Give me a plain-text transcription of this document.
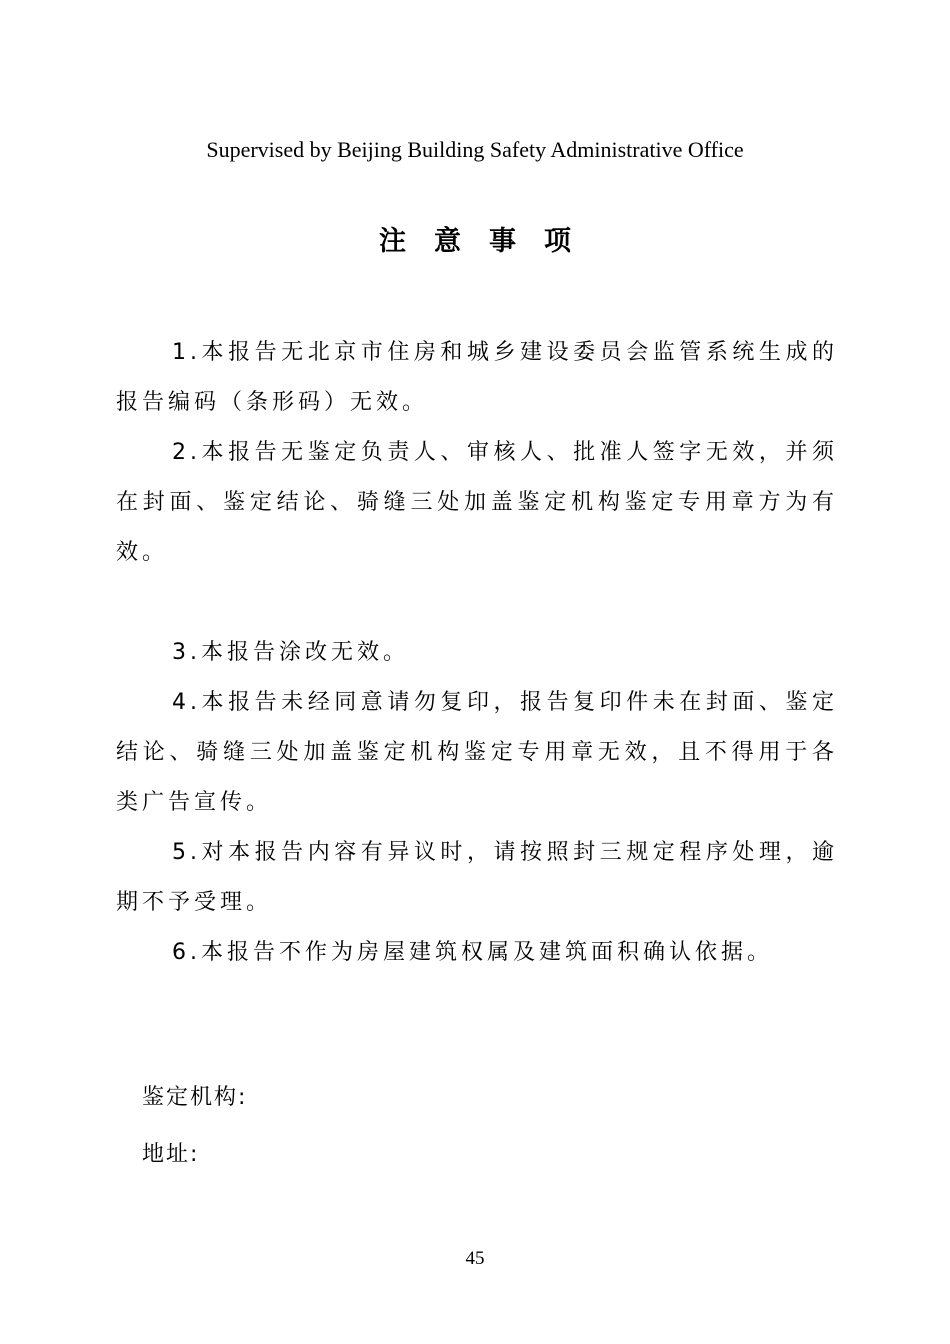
Supervised by Beijing Building Safety Administrative Office
注意事项

1.本报告无北京市住房和城乡建设委员会监管系统生成的报告编码（条形码）无效。

2.本报告无鉴定负责人、审核人、批准人签字无效，并须在封面、鉴定结论、骑缝三处加盖鉴定机构鉴定专用章方为有效。

3.本报告涂改无效。

4.本报告未经同意请勿复印，报告复印件未在封面、鉴定结论、骑缝三处加盖鉴定机构鉴定专用章无效，且不得用于各类广告宣传。

5.对本报告内容有异议时，请按照封三规定程序处理，逾期不予受理。

6.本报告不作为房屋建筑权属及建筑面积确认依据。

鉴定机构:
地址:
45
